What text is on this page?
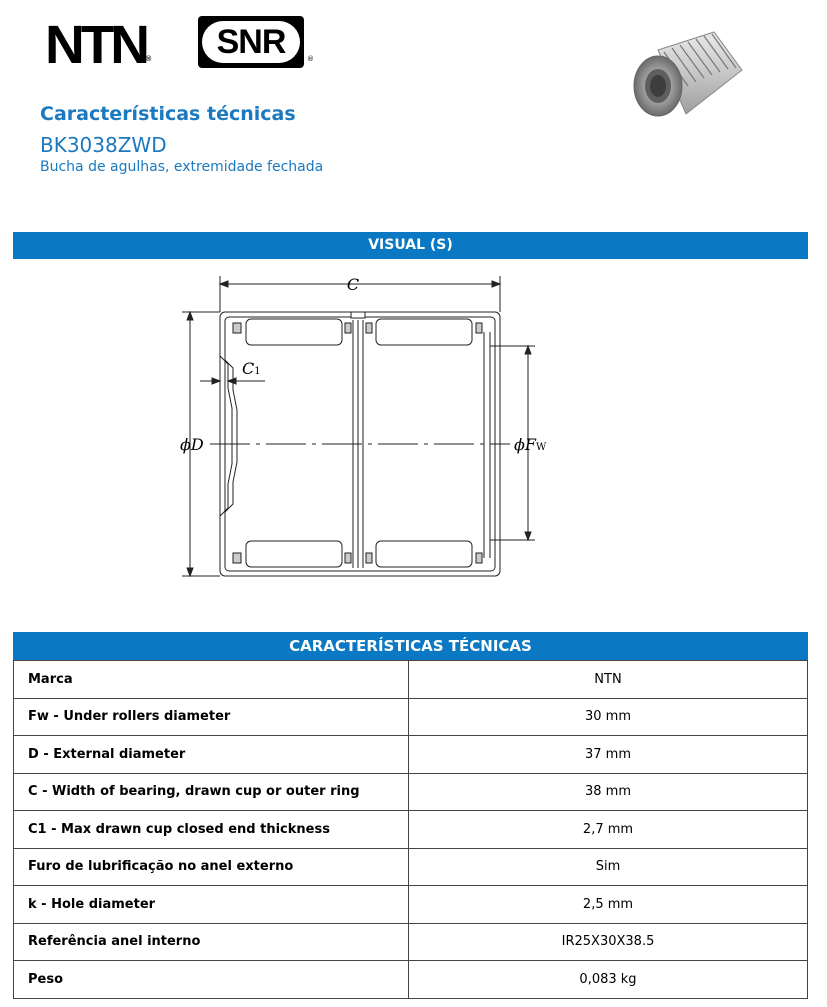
NTN®	SNR	®
Características técnicas
BK3038ZWD
Bucha de agulhas, extremidade fechada
VISUAL (S)
C
C1
ϕD	ϕFW
CARACTERÍSTICAS TÉCNICAS
Marca	NTN
Fw - Under rollers diameter	30 mm
D - External diameter	37 mm
C - Width of bearing, drawn cup or outer ring	38 mm
C1 - Max drawn cup closed end thickness	2,7 mm
Furo de lubrificação no anel externo	Sim
k - Hole diameter	2,5 mm
Referência anel interno	IR25X30X38.5
Peso	0,083 kg
